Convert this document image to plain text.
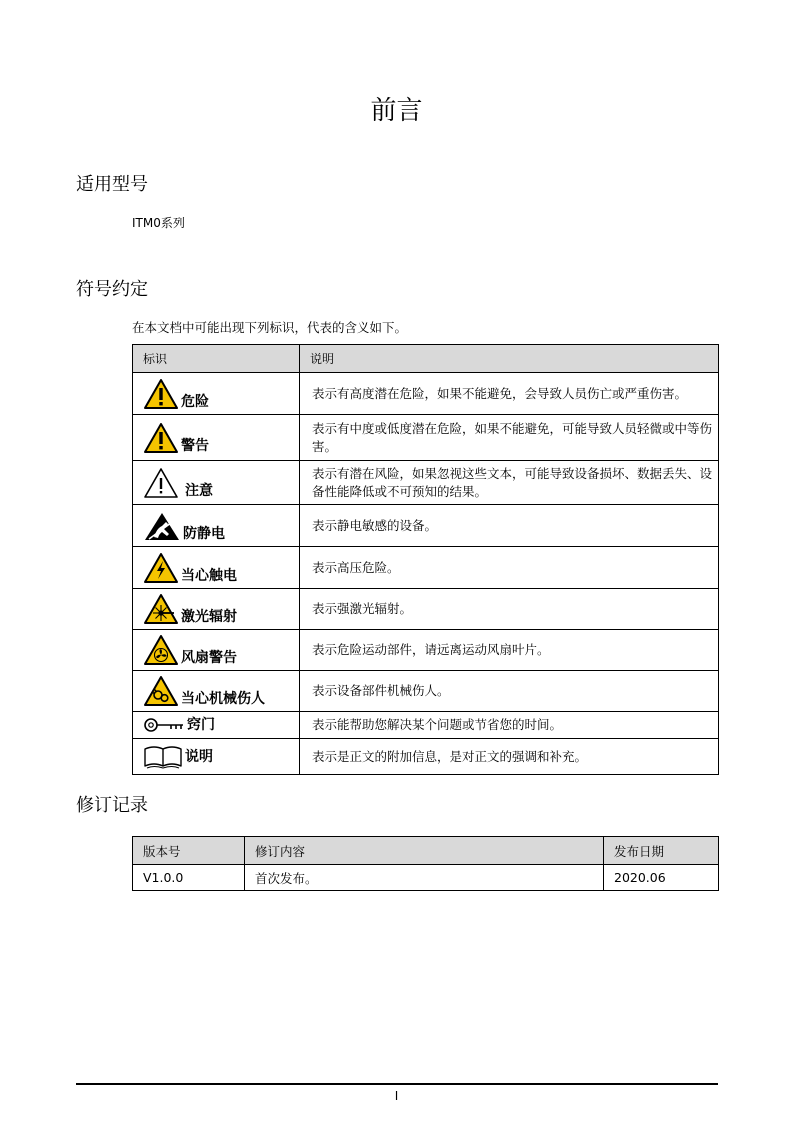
前言
适用型号
ITM0系列
符号约定
在本文档中可能出现下列标识，代表的含义如下。
标识	说明

危险	表示有高度潜在危险，如果不能避免，会导致人员伤亡或严重伤害。

警告	表示有中度或低度潜在危险，如果不能避免，可能导致人员轻微或中等伤害。

注意	表示有潜在风险，如果忽视这些文本，可能导致设备损坏、数据丢失、设备性能降低或不可预知的结果。

防静电	表示静电敏感的设备。

当心触电	表示高压危险。

激光辐射	表示强激光辐射。

风扇警告	表示危险运动部件，请远离运动风扇叶片。

当心机械伤人	表示设备部件机械伤人。

窍门	表示能帮助您解决某个问题或节省您的时间。

说明	表示是正文的附加信息，是对正文的强调和补充。
修订记录
版本号	修订内容	发布日期
V1.0.0	首次发布。	2020.06
I
